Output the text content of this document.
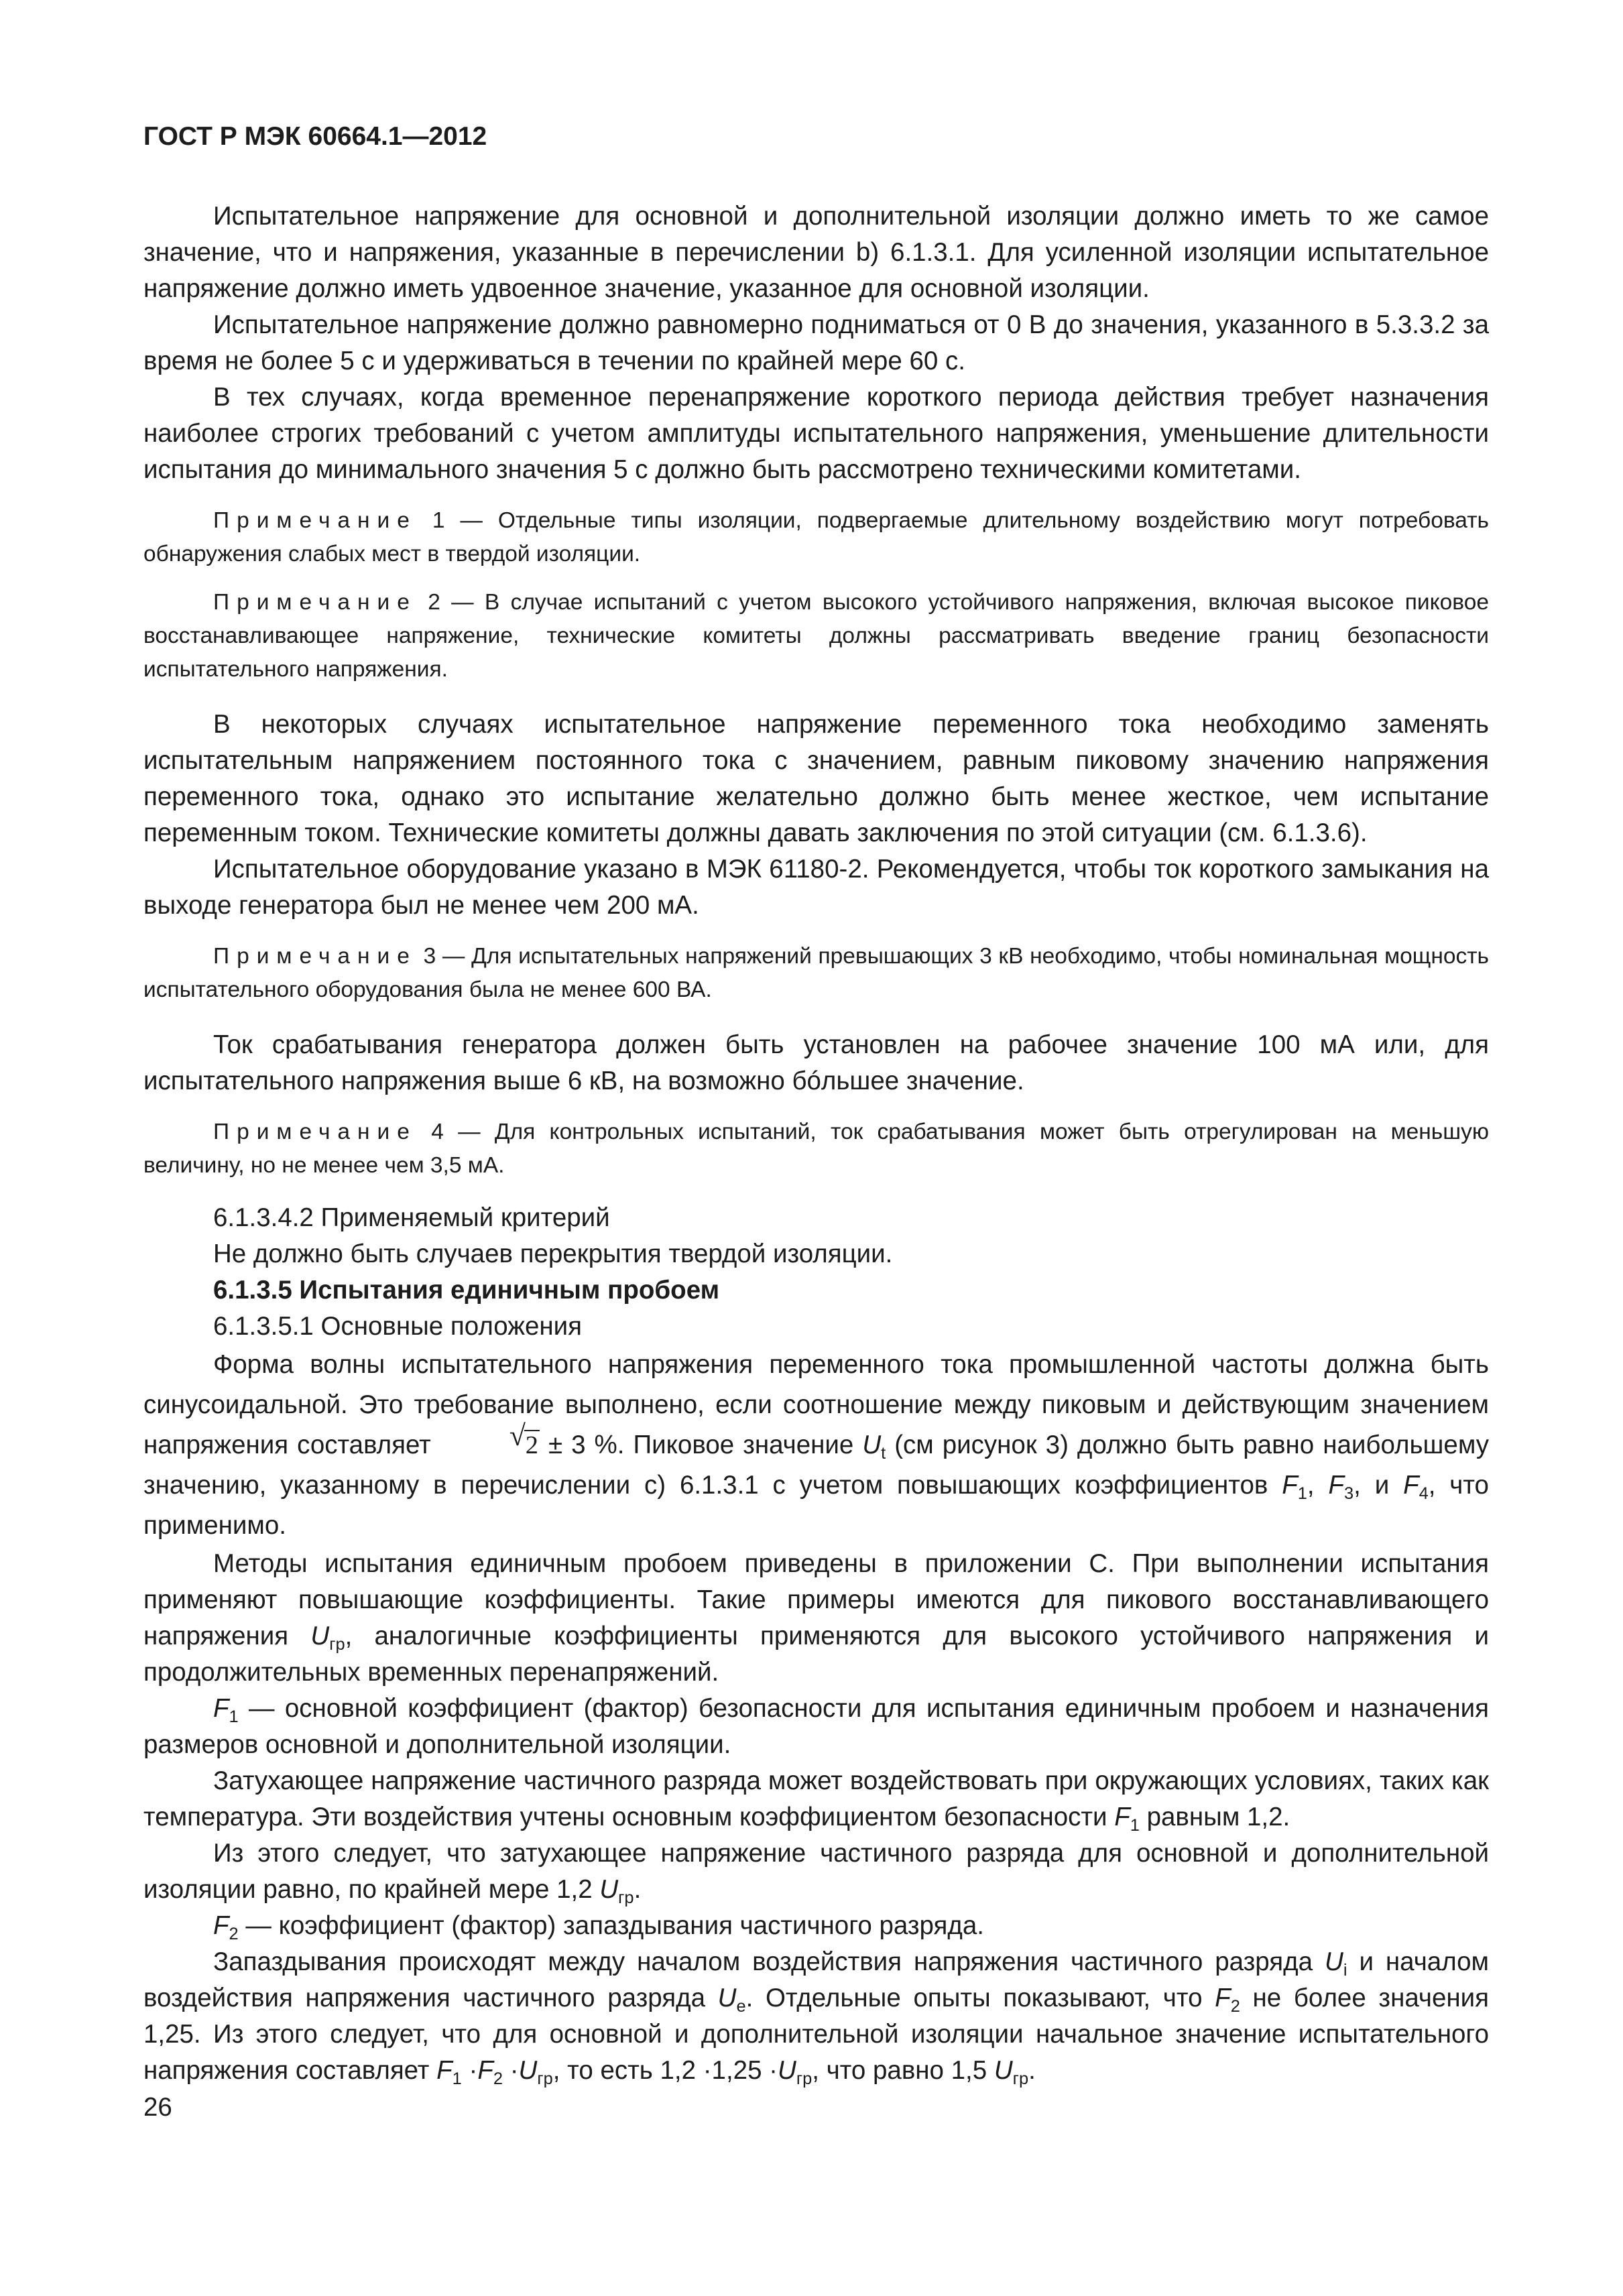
ГОСТ Р МЭК 60664.1—2012

Испытательное напряжение для основной и дополнительной изоляции должно иметь то же самое значение, что и напряжения, указанные в перечислении b) 6.1.3.1. Для усиленной изоляции испытательное напряжение должно иметь удвоенное значение, указанное для основной изоляции.

Испытательное напряжение должно равномерно подниматься от 0 В до значения, указанного в 5.3.3.2 за время не более 5 с и удерживаться в течении по крайней мере 60 с.

В тех случаях, когда временное перенапряжение короткого периода действия требует назначения наиболее строгих требований с учетом амплитуды испытательного напряжения, уменьшение длительности испытания до минимального значения 5 с должно быть рассмотрено техническими комитетами.

Примечание 1 — Отдельные типы изоляции, подвергаемые длительному воздействию могут потребовать обнаружения слабых мест в твердой изоляции.

Примечание 2 — В случае испытаний с учетом высокого устойчивого напряжения, включая высокое пиковое восстанавливающее напряжение, технические комитеты должны рассматривать введение границ безопасности испытательного напряжения.

В некоторых случаях испытательное напряжение переменного тока необходимо заменять испытательным напряжением постоянного тока с значением, равным пиковому значению напряжения переменного тока, однако это испытание желательно должно быть менее жесткое, чем испытание переменным током. Технические комитеты должны давать заключения по этой ситуации (см. 6.1.3.6).

Испытательное оборудование указано в МЭК 61180-2. Рекомендуется, чтобы ток короткого замыкания на выходе генератора был не менее чем 200 мА.

Примечание 3 — Для испытательных напряжений превышающих 3 кВ необходимо, чтобы номинальная мощность испытательного оборудования была не менее 600 ВА.

Ток срабатывания генератора должен быть установлен на рабочее значение 100 мА или, для испытательного напряжения выше 6 кВ, на возможно бóльшее значение.

Примечание 4 — Для контрольных испытаний, ток срабатывания может быть отрегулирован на меньшую величину, но не менее чем 3,5 мА.

6.1.3.4.2 Применяемый критерий

Не должно быть случаев перекрытия твердой изоляции.

6.1.3.5 Испытания единичным пробоем

6.1.3.5.1 Основные положения

Форма волны испытательного напряжения переменного тока промышленной частоты должна быть синусоидальной. Это требование выполнено, если соотношение между пиковым и действующим значением напряжения составляет	√ 2 ± 3 %. Пиковое значение $U_t$ (см рисунок 3) должно быть равно наибольшему значению, указанному в перечислении с) 6.1.3.1 с учетом повышающих коэффициентов $F_1$, $F_3$, и $F_4$, что применимо.

Методы испытания единичным пробоем приведены в приложении С. При выполнении испытания применяют повышающие коэффициенты. Такие примеры имеются для пикового восстанавливающего напряжения $U_{гр}$, аналогичные коэффициенты применяются для высокого устойчивого напряжения и продолжительных временных перенапряжений.

$F_1$ — основной коэффициент (фактор) безопасности для испытания единичным пробоем и назначения размеров основной и дополнительной изоляции.

Затухающее напряжение частичного разряда может воздействовать при окружающих условиях, таких как температура. Эти воздействия учтены основным коэффициентом безопасности $F_1$ равным 1,2.

Из этого следует, что затухающее напряжение частичного разряда для основной и дополнительной изоляции равно, по крайней мере 1,2 $U_{гр}$.

$F_2$ — коэффициент (фактор) запаздывания частичного разряда.

Запаздывания происходят между началом воздействия напряжения частичного разряда $U_i$ и началом воздействия напряжения частичного разряда $U_e$. Отдельные опыты показывают, что $F_2$ не более значения 1,25. Из этого следует, что для основной и дополнительной изоляции начальное значение испытательного напряжения составляет $F_1 \cdot F_2 \cdot U_{гр}$, то есть $1,2 \cdot 1,25 \cdot U_{гр}$, что равно 1,5 $U_{гр}$.

26
